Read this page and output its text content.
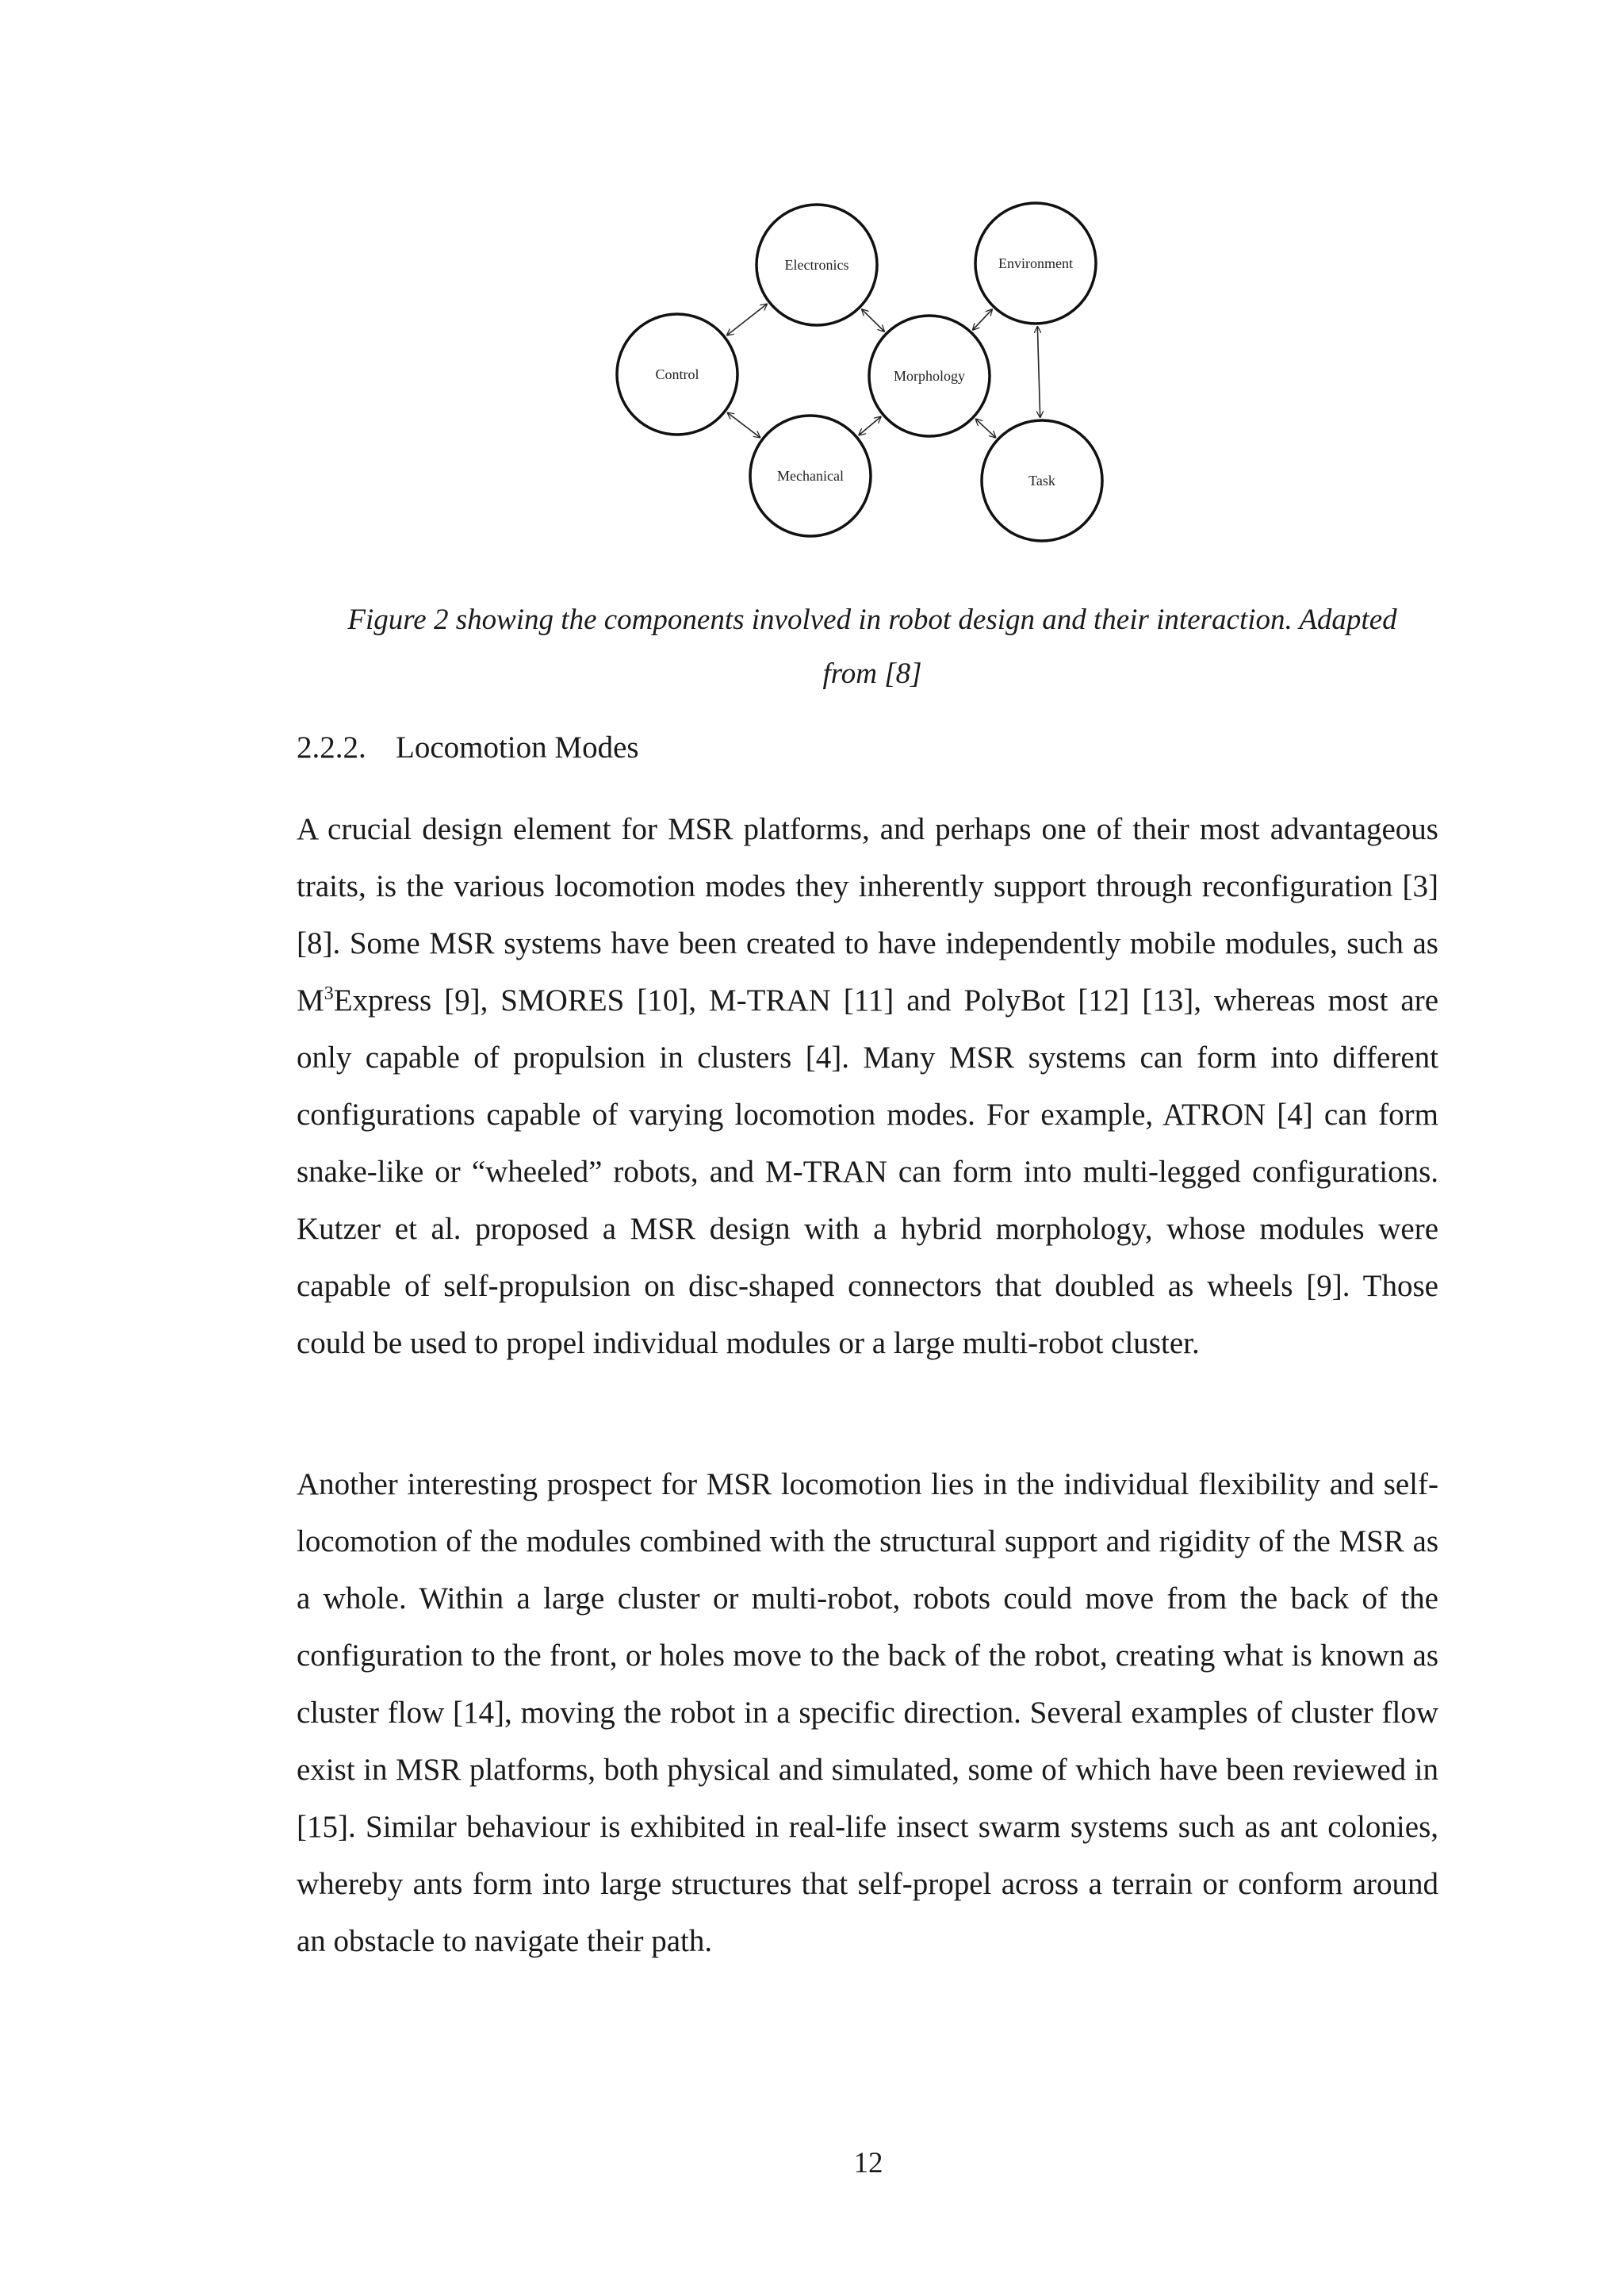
Electronics	Environment
Control	Morphology
Mechanical	Task

Figure 2 showing the components involved in robot design and their interaction. Adapted
from [8]

2.2.2. Locomotion Modes

A crucial design element for MSR platforms, and perhaps one of their most advantageous traits, is the various locomotion modes they inherently support through reconfiguration [3] [8]. Some MSR systems have been created to have independently mobile modules, such as $M^3Express$ [9], SMORES [10], M-TRAN [11] and PolyBot [12] [13], whereas most are only capable of propulsion in clusters [4]. Many MSR systems can form into different configurations capable of varying locomotion modes. For example, ATRON [4] can form snake-like or “wheeled” robots, and M-TRAN can form into multi-legged configurations. Kutzer et al. proposed a MSR design with a hybrid morphology, whose modules were capable of self-propulsion on disc-shaped connectors that doubled as wheels [9]. Those could be used to propel individual modules or a large multi-robot cluster.

Another interesting prospect for MSR locomotion lies in the individual flexibility and self-locomotion of the modules combined with the structural support and rigidity of the MSR as a whole. Within a large cluster or multi-robot, robots could move from the back of the configuration to the front, or holes move to the back of the robot, creating what is known as cluster flow [14], moving the robot in a specific direction. Several examples of cluster flow exist in MSR platforms, both physical and simulated, some of which have been reviewed in [15]. Similar behaviour is exhibited in real-life insect swarm systems such as ant colonies, whereby ants form into large structures that self-propel across a terrain or conform around an obstacle to navigate their path.

12
